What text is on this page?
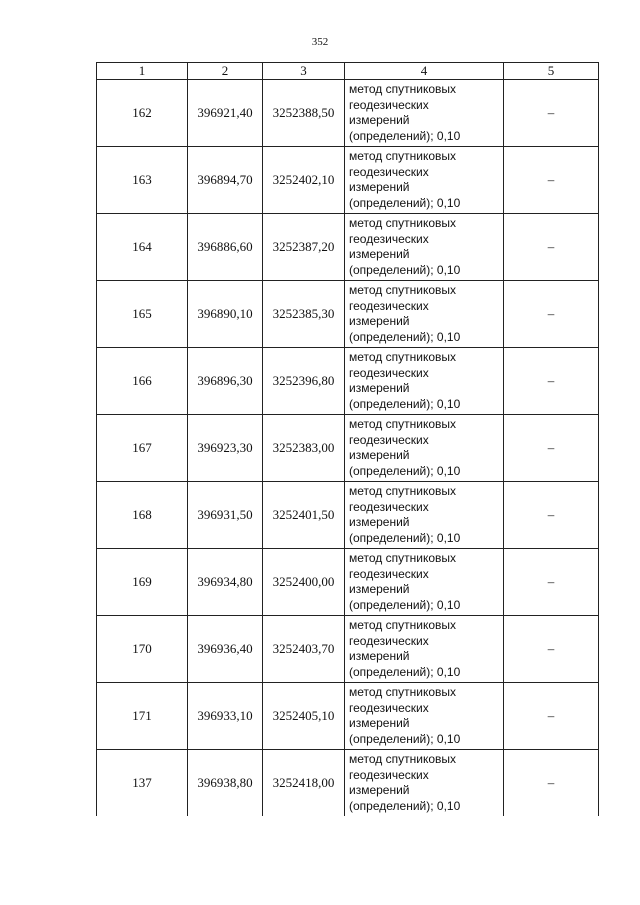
352
1	2	3	4	5
162	396921,40	3252388,50	метод спутниковых
геодезических
измерений
(определений); 0,10	–
163	396894,70	3252402,10	метод спутниковых
геодезических
измерений
(определений); 0,10	–
164	396886,60	3252387,20	метод спутниковых
геодезических
измерений
(определений); 0,10	–
165	396890,10	3252385,30	метод спутниковых
геодезических
измерений
(определений); 0,10	–
166	396896,30	3252396,80	метод спутниковых
геодезических
измерений
(определений); 0,10	–
167	396923,30	3252383,00	метод спутниковых
геодезических
измерений
(определений); 0,10	–
168	396931,50	3252401,50	метод спутниковых
геодезических
измерений
(определений); 0,10	–
169	396934,80	3252400,00	метод спутниковых
геодезических
измерений
(определений); 0,10	–
170	396936,40	3252403,70	метод спутниковых
геодезических
измерений
(определений); 0,10	–
171	396933,10	3252405,10	метод спутниковых
геодезических
измерений
(определений); 0,10	–
137	396938,80	3252418,00	метод спутниковых
геодезических
измерений
(определений); 0,10	–
